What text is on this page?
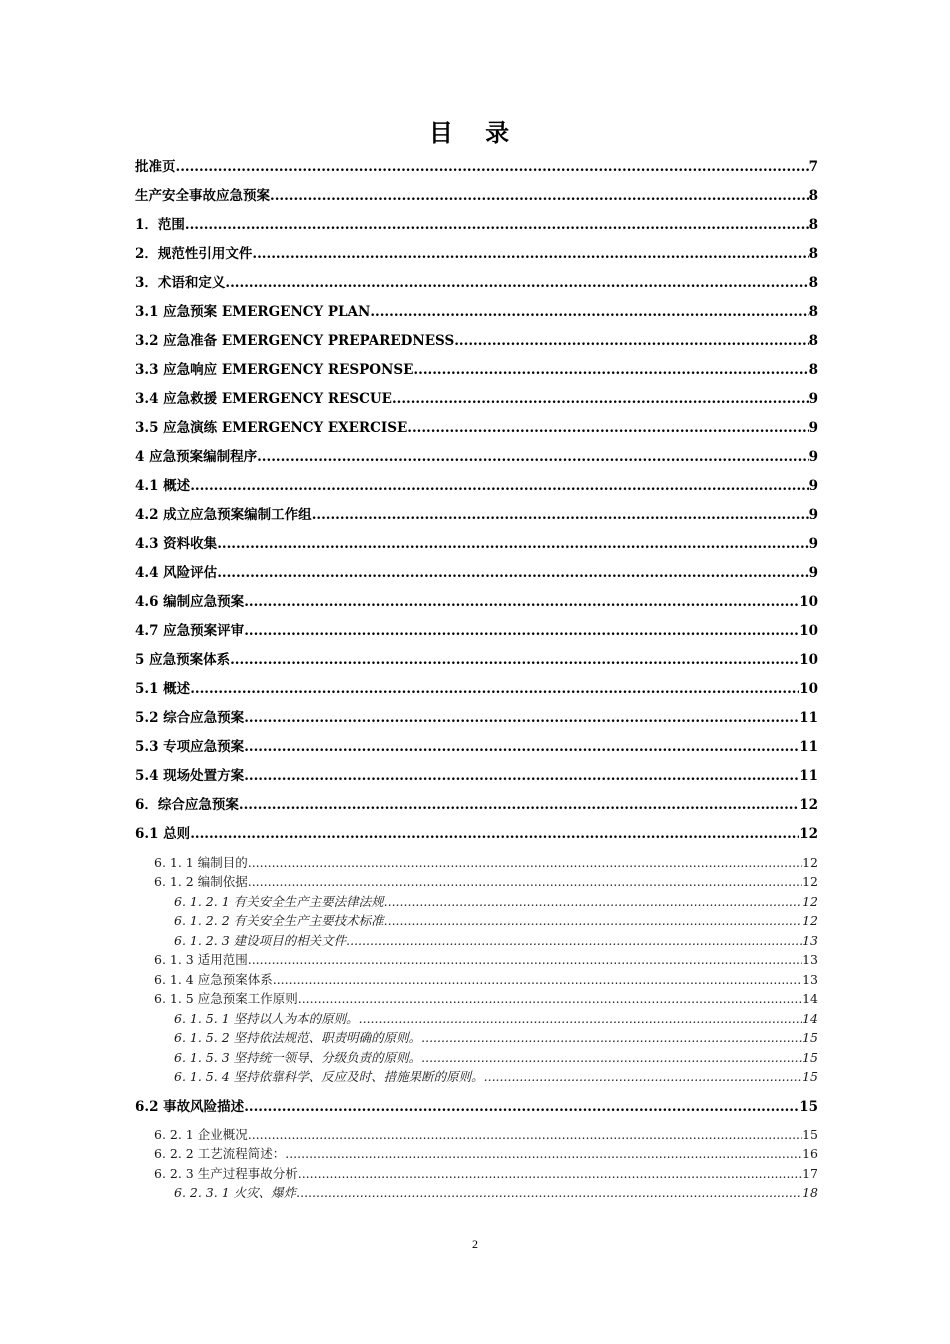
目 录
批准页 .....	7
生产安全事故应急预案 .....	8
1．范围 .....	8
2．规范性引用文件 .....	8
3．术语和定义 .....	8
3.1 应急预案 EMERGENCY PLAN .....	8
3.2 应急准备 EMERGENCY PREPAREDNESS .....	8
3.3 应急响应 EMERGENCY RESPONSE .....	8
3.4 应急救援 EMERGENCY RESCUE .....	9
3.5 应急演练 EMERGENCY EXERCISE .....	9
4 应急预案编制程序 .....	9
4.1 概述 .....	9
4.2 成立应急预案编制工作组 .....	9
4.3 资料收集 .....	9
4.4 风险评估 .....	9
4.6 编制应急预案 .....	10
4.7 应急预案评审 .....	10
5 应急预案体系 .....	10
5.1 概述 .....	10
5.2 综合应急预案 .....	11
5.3 专项应急预案 .....	11
5.4 现场处置方案 .....	11
6．综合应急预案 .....	12
6.1 总则 .....	12
6. 1. 1 编制目的 .....	12
6. 1. 2 编制依据 .....	12
6. 1. 2. 1 有关安全生产主要法律法规 .....	12
6. 1. 2. 2 有关安全生产主要技术标准 .....	12
6. 1. 2. 3 建设项目的相关文件 .....	13
6. 1. 3 适用范围 .....	13
6. 1. 4 应急预案体系 .....	13
6. 1. 5 应急预案工作原则 .....	14
6. 1. 5. 1 坚持以人为本的原则。 .....	14
6. 1. 5. 2 坚持依法规范、职责明确的原则。 .....	15
6. 1. 5. 3 坚持统一领导、分级负责的原则。 .....	15
6. 1. 5. 4 坚持依靠科学、反应及时、措施果断的原则。 .....	15
6.2 事故风险描述 .....	15
6. 2. 1 企业概况 .....	15
6. 2. 2 工艺流程简述： .....	16
6. 2. 3 生产过程事故分析 .....	17
6. 2. 3. 1 火灾、爆炸 .....	18
2
